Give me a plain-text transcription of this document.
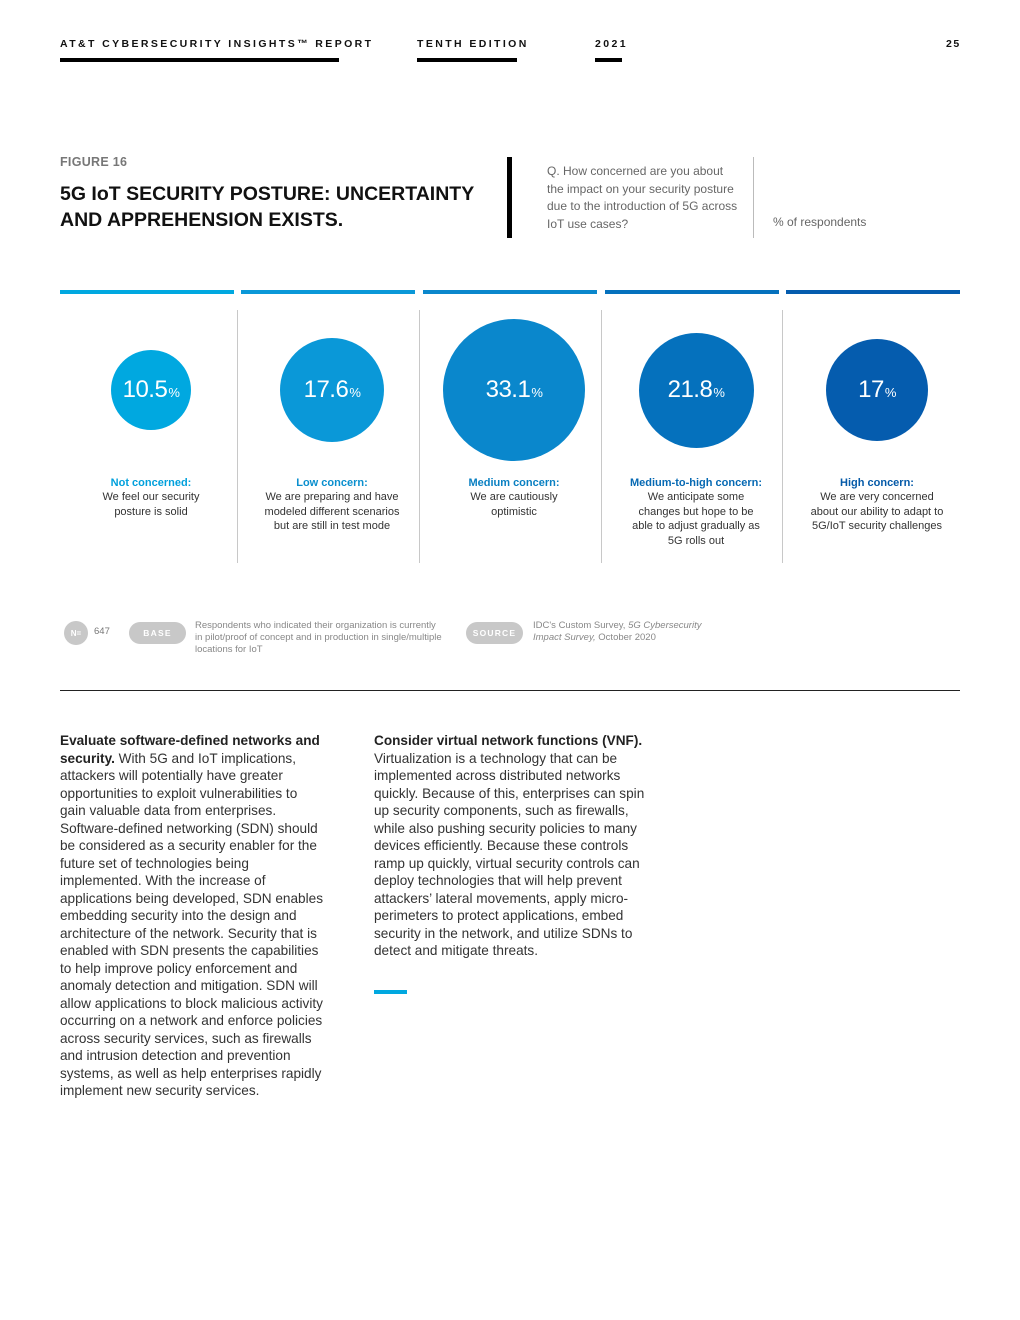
AT&T CYBERSECURITY INSIGHTS™ REPORT	TENTH EDITION	2021	25
FIGURE 16
5G IoT SECURITY POSTURE: UNCERTAINTY AND APPREHENSION EXISTS.
Q. How concerned are you about the impact on your security posture due to the introduction of 5G across IoT use cases?	% of respondents
10.5 %
Not concerned:
We feel our security posture is solid
17.6 %
Low concern:
We are preparing and have modeled different scenarios but are still in test mode
33.1 %
Medium concern:
We are cautiously optimistic
21.8 %
Medium-to-high concern:
We anticipate some changes but hope to be able to adjust gradually as 5G rolls out
17 %
High concern:
We are very concerned about our ability to adapt to 5G/IoT security challenges
N=	647	BASE
Respondents who indicated their organization is currently in pilot/proof of concept and in production in single/multiple locations for IoT
SOURCE
IDC's Custom Survey, 5G Cybersecurity Impact Survey, October 2020
Evaluate software-defined networks and security. With 5G and IoT implications, attackers will potentially have greater opportunities to exploit vulnerabilities to gain valuable data from enterprises. Software-defined networking (SDN) should be considered as a security enabler for the future set of technologies being implemented. With the increase of applications being developed, SDN enables embedding security into the design and architecture of the network. Security that is enabled with SDN presents the capabilities to help improve policy enforcement and anomaly detection and mitigation. SDN will allow applications to block malicious activity occurring on a network and enforce policies across security services, such as firewalls and intrusion detection and prevention systems, as well as help enterprises rapidly implement new security services.
Consider virtual network functions (VNF). Virtualization is a technology that can be implemented across distributed networks quickly. Because of this, enterprises can spin up security components, such as firewalls, while also pushing security policies to many devices efficiently. Because these controls ramp up quickly, virtual security controls can deploy technologies that will help prevent attackers’ lateral movements, apply micro-perimeters to protect applications, embed security in the network, and utilize SDNs to detect and mitigate threats.
